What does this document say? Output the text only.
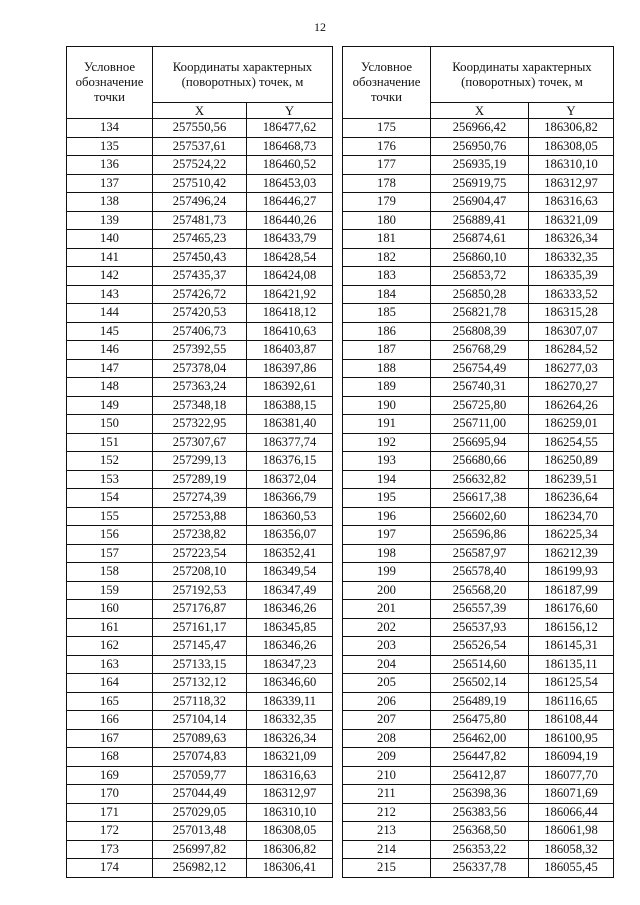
12
Условное обозначение точки	Координаты характерных (поворотных) точек, м	
	X	Y
134	257550,56	186477,62
135	257537,61	186468,73
136	257524,22	186460,52
137	257510,42	186453,03
138	257496,24	186446,27
139	257481,73	186440,26
140	257465,23	186433,79
141	257450,43	186428,54
142	257435,37	186424,08
143	257426,72	186421,92
144	257420,53	186418,12
145	257406,73	186410,63
146	257392,55	186403,87
147	257378,04	186397,86
148	257363,24	186392,61
149	257348,18	186388,15
150	257322,95	186381,40
151	257307,67	186377,74
152	257299,13	186376,15
153	257289,19	186372,04
154	257274,39	186366,79
155	257253,88	186360,53
156	257238,82	186356,07
157	257223,54	186352,41
158	257208,10	186349,54
159	257192,53	186347,49
160	257176,87	186346,26
161	257161,17	186345,85
162	257145,47	186346,26
163	257133,15	186347,23
164	257132,12	186346,60
165	257118,32	186339,11
166	257104,14	186332,35
167	257089,63	186326,34
168	257074,83	186321,09
169	257059,77	186316,63
170	257044,49	186312,97
171	257029,05	186310,10
172	257013,48	186308,05
173	256997,82	186306,82
174	256982,12	186306,41
Условное обозначение точки	Координаты характерных (поворотных) точек, м	
	X	Y
175	256966,42	186306,82
176	256950,76	186308,05
177	256935,19	186310,10
178	256919,75	186312,97
179	256904,47	186316,63
180	256889,41	186321,09
181	256874,61	186326,34
182	256860,10	186332,35
183	256853,72	186335,39
184	256850,28	186333,52
185	256821,78	186315,28
186	256808,39	186307,07
187	256768,29	186284,52
188	256754,49	186277,03
189	256740,31	186270,27
190	256725,80	186264,26
191	256711,00	186259,01
192	256695,94	186254,55
193	256680,66	186250,89
194	256632,82	186239,51
195	256617,38	186236,64
196	256602,60	186234,70
197	256596,86	186225,34
198	256587,97	186212,39
199	256578,40	186199,93
200	256568,20	186187,99
201	256557,39	186176,60
202	256537,93	186156,12
203	256526,54	186145,31
204	256514,60	186135,11
205	256502,14	186125,54
206	256489,19	186116,65
207	256475,80	186108,44
208	256462,00	186100,95
209	256447,82	186094,19
210	256412,87	186077,70
211	256398,36	186071,69
212	256383,56	186066,44
213	256368,50	186061,98
214	256353,22	186058,32
215	256337,78	186055,45
